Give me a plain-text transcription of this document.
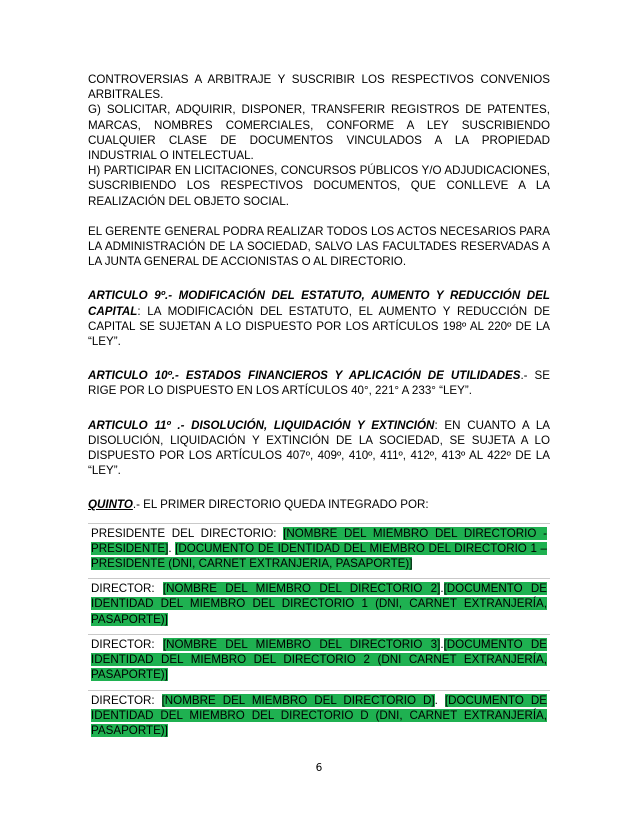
CONTROVERSIAS A ARBITRAJE Y SUSCRIBIR LOS RESPECTIVOS CONVENIOS ARBITRALES.

G) SOLICITAR, ADQUIRIR, DISPONER, TRANSFERIR REGISTROS DE PATENTES, MARCAS, NOMBRES COMERCIALES, CONFORME A LEY SUSCRIBIENDO CUALQUIER CLASE DE DOCUMENTOS VINCULADOS A LA PROPIEDAD INDUSTRIAL O INTELECTUAL.

H) PARTICIPAR EN LICITACIONES, CONCURSOS PÚBLICOS Y/O ADJUDICACIONES, SUSCRIBIENDO LOS RESPECTIVOS DOCUMENTOS, QUE CONLLEVE A LA REALIZACIÓN DEL OBJETO SOCIAL.

EL GERENTE GENERAL PODRA REALIZAR TODOS LOS ACTOS NECESARIOS PARA LA ADMINISTRACIÓN DE LA SOCIEDAD, SALVO LAS FACULTADES RESERVADAS A LA JUNTA GENERAL DE ACCIONISTAS O AL DIRECTORIO.

ARTICULO 9º.- MODIFICACIÓN DEL ESTATUTO, AUMENTO Y REDUCCIÓN DEL CAPITAL: LA MODIFICACIÓN DEL ESTATUTO, EL AUMENTO Y REDUCCIÓN DE CAPITAL SE SUJETAN A LO DISPUESTO POR LOS ARTÍCULOS 198º AL 220º DE LA “LEY”.

ARTICULO 10º.- ESTADOS FINANCIEROS Y APLICACIÓN DE UTILIDADES.- SE RIGE POR LO DISPUESTO EN LOS ARTÍCULOS 40°, 221° A 233° “LEY”.

ARTICULO 11º .- DISOLUCIÓN, LIQUIDACIÓN Y EXTINCIÓN: EN CUANTO A LA DISOLUCIÓN, LIQUIDACIÓN Y EXTINCIÓN DE LA SOCIEDAD, SE SUJETA A LO DISPUESTO POR LOS ARTÍCULOS 407º, 409º, 410º, 411º, 412º, 413º AL 422º DE LA “LEY”.

QUINTO.- EL PRIMER DIRECTORIO QUEDA INTEGRADO POR:

PRESIDENTE DEL DIRECTORIO: [NOMBRE DEL MIEMBRO DEL DIRECTORIO - PRESIDENTE]. [DOCUMENTO DE IDENTIDAD DEL MIEMBRO DEL DIRECTORIO 1 – PRESIDENTE (DNI, CARNET EXTRANJERIA, PASAPORTE)]

DIRECTOR: [NOMBRE DEL MIEMBRO DEL DIRECTORIO 2].[DOCUMENTO DE IDENTIDAD DEL MIEMBRO DEL DIRECTORIO 1 (DNI, CARNET EXTRANJERÍA, PASAPORTE)]

DIRECTOR: [NOMBRE DEL MIEMBRO DEL DIRECTORIO 3].[DOCUMENTO DE IDENTIDAD DEL MIEMBRO DEL DIRECTORIO 2 (DNI CARNET EXTRANJERÍA, PASAPORTE)]

DIRECTOR: [NOMBRE DEL MIEMBRO DEL DIRECTORIO D]. [DOCUMENTO DE IDENTIDAD DEL MIEMBRO DEL DIRECTORIO D (DNI, CARNET EXTRANJERÍA, PASAPORTE)]

6
